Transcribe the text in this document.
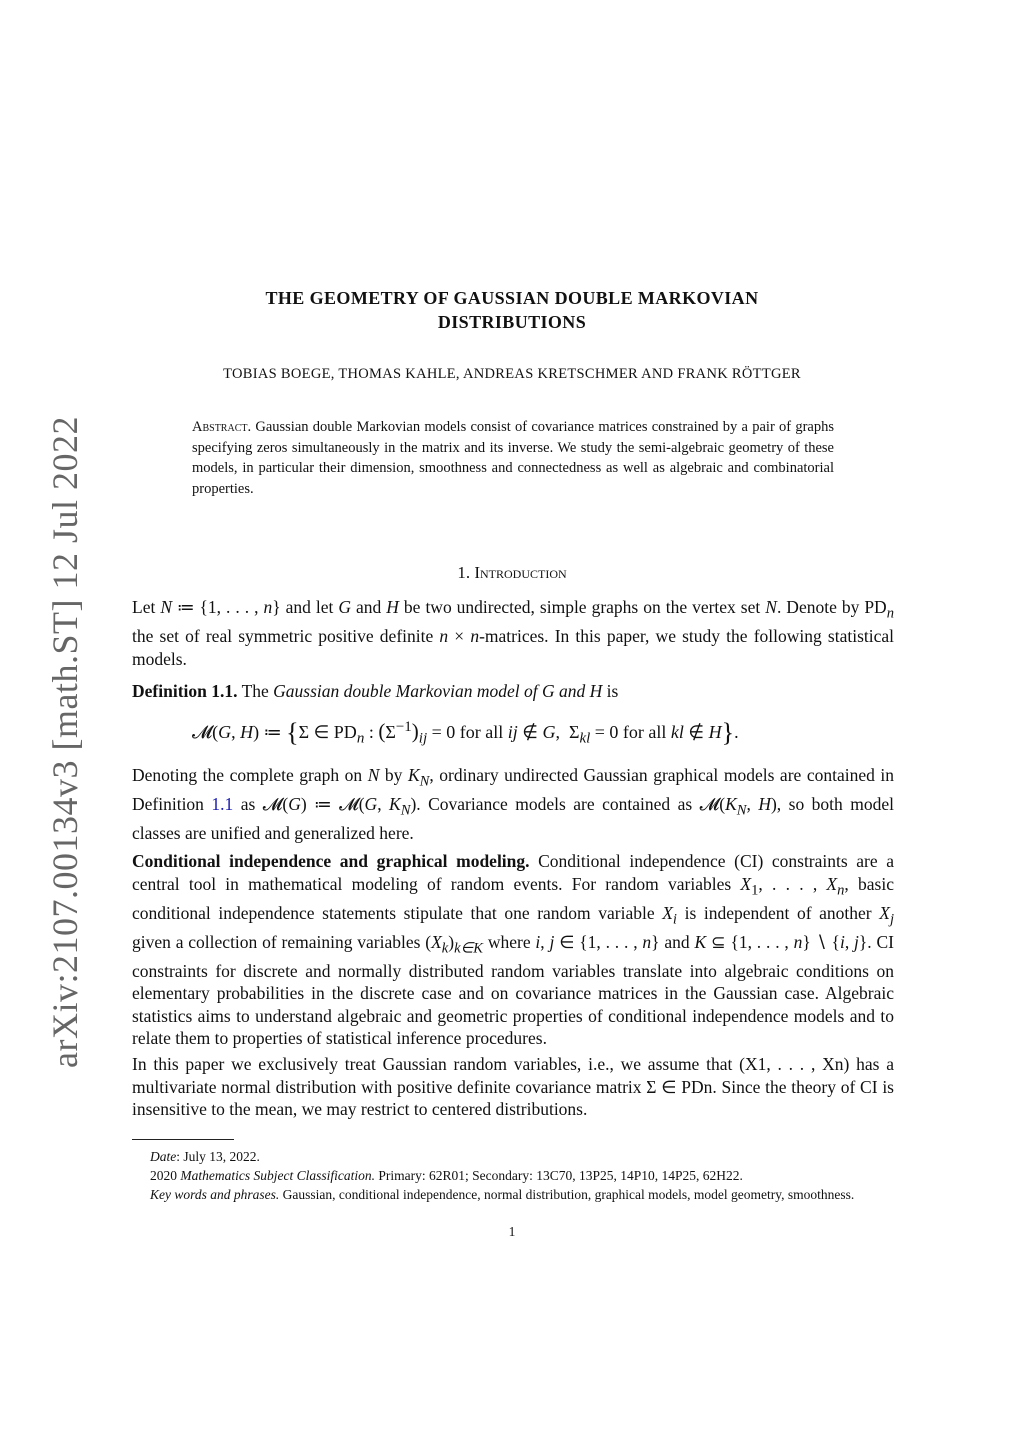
arXiv:2107.00134v3 [math.ST] 12 Jul 2022
THE GEOMETRY OF GAUSSIAN DOUBLE MARKOVIAN
DISTRIBUTIONS
TOBIAS BOEGE, THOMAS KAHLE, ANDREAS KRETSCHMER AND FRANK RÖTTGER
Abstract. Gaussian double Markovian models consist of covariance matrices constrained by a pair of graphs specifying zeros simultaneously in the matrix and its inverse. We study the semi-algebraic geometry of these models, in particular their dimension, smoothness and connectedness as well as algebraic and combinatorial properties.
1. Introduction
Let N ≔ {1, . . . , n} and let G and H be two undirected, simple graphs on the vertex set N. Denote by $PD_n$ the set of real symmetric positive definite n × n-matrices. In this paper, we study the following statistical models.
Definition 1.1. The Gaussian double Markovian model of G and H is
𝓜(G, H) ≔ {Σ ∈ $PD_n$ : $(\Sigma^{-1})_{ij} = 0$ for all ij ∉ G,  $\Sigma_{kl} = 0$ for all kl ∉ H}.
Denoting the complete graph on N by $K_N$, ordinary undirected Gaussian graphical models are contained in Definition 1.1 as 𝓜(G) ≔ 𝓜(G, $K_N$). Covariance models are contained as $𝓜(K_N$, H), so both model classes are unified and generalized here.
Conditional independence and graphical modeling. Conditional independence (CI) constraints are a central tool in mathematical modeling of random events. For random variables $X_1$, . . . , $X_n$, basic conditional independence statements stipulate that one random variable $X_i$ is independent of another $X_j$ given a collection of remaining variables $(X_k)_{k\in K}$ where i, j ∈ {1, . . . , n} and K ⊆ {1, . . . , n} ∖ {i, j}. CI constraints for discrete and normally distributed random variables translate into algebraic conditions on elementary probabilities in the discrete case and on covariance matrices in the Gaussian case. Algebraic statistics aims to understand algebraic and geometric properties of conditional independence models and to relate them to properties of statistical inference procedures.
In this paper we exclusively treat Gaussian random variables, i.e., we assume that (X1, . . . , Xn) has a multivariate normal distribution with positive definite covariance matrix Σ ∈ PDn. Since the theory of CI is insensitive to the mean, we may restrict to centered distributions.
Date: July 13, 2022.
2020 Mathematics Subject Classification. Primary: 62R01; Secondary: 13C70, 13P25, 14P10, 14P25, 62H22.
Key words and phrases. Gaussian, conditional independence, normal distribution, graphical models, model geometry, smoothness.
1
